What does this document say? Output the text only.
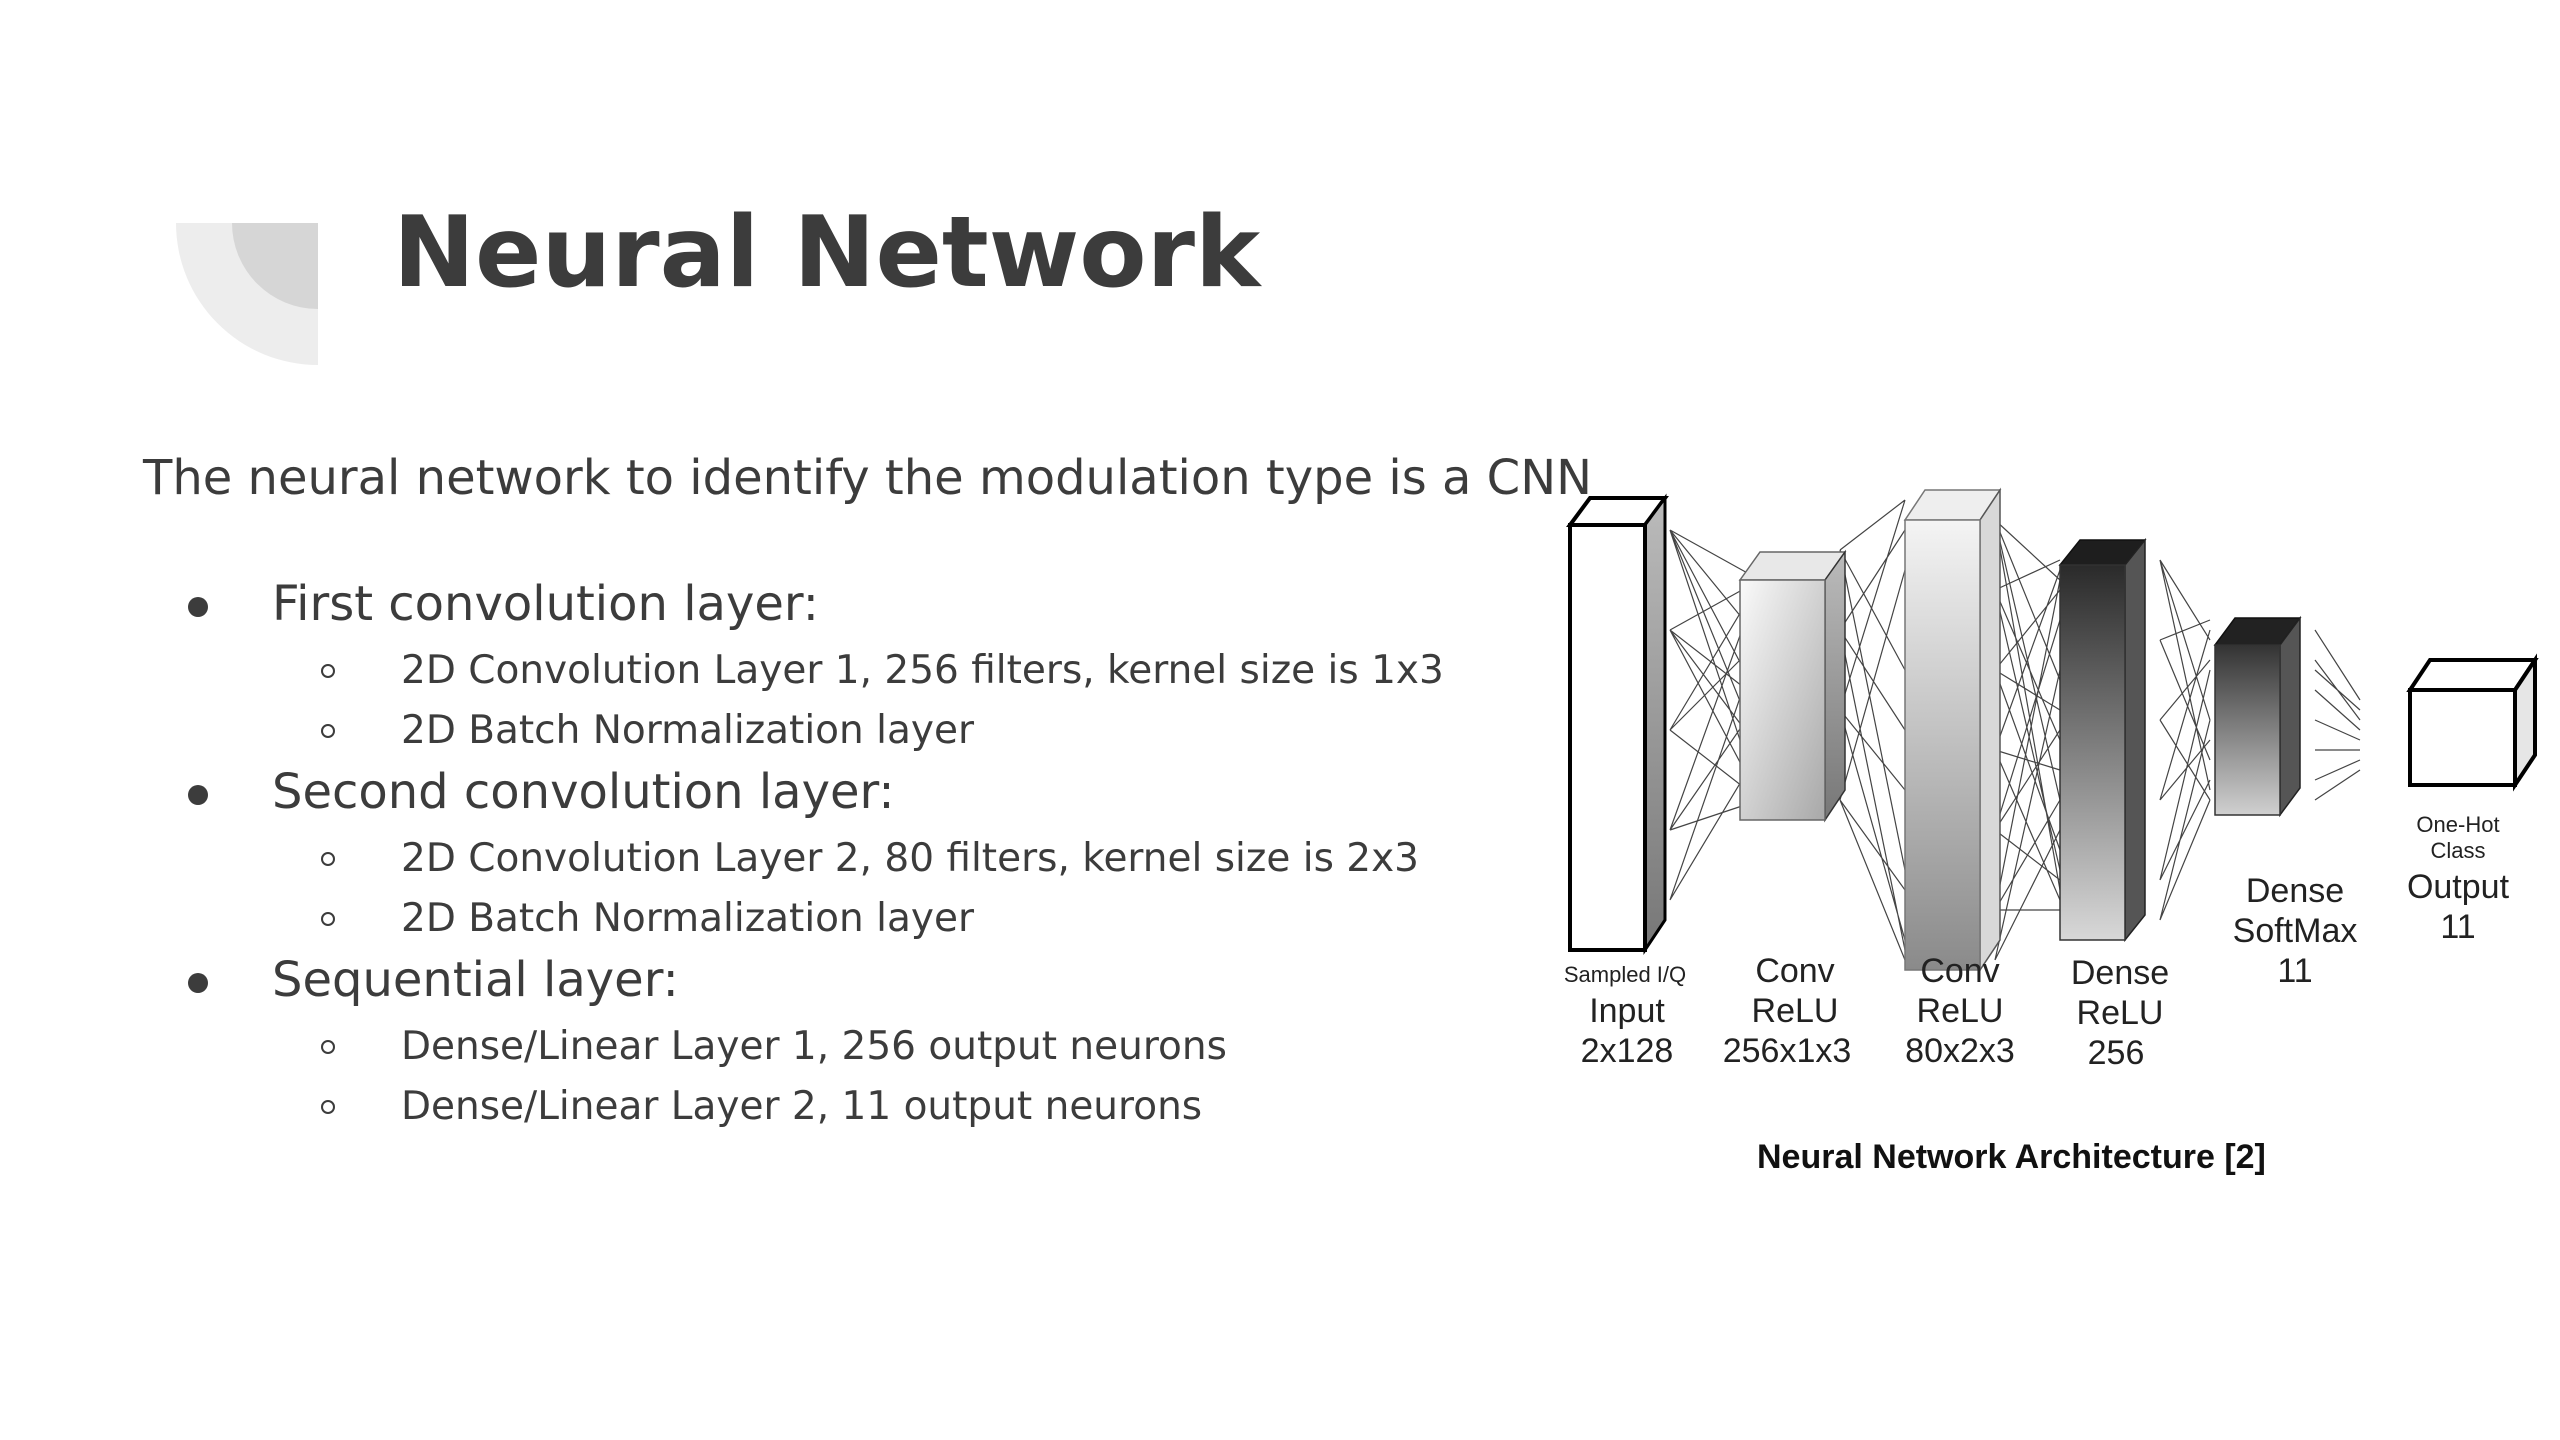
Neural Network

The neural network to identify the modulation type is a CNN

First convolution layer:
2D Convolution Layer 1, 256 filters, kernel size is 1x3
2D Batch Normalization layer
Second convolution layer:
2D Convolution Layer 2, 80 filters, kernel size is 2x3
2D Batch Normalization layer
Sequential layer:
Dense/Linear Layer 1, 256 output neurons
Dense/Linear Layer 2, 11 output neurons
Sampled I/Q
Input
2x128
Conv
ReLU
256x1x3
Conv
ReLU
80x2x3
Dense
ReLU
256
Dense
SoftMax
11
One-Hot
Class
Output
11
Neural Network Architecture [2]
